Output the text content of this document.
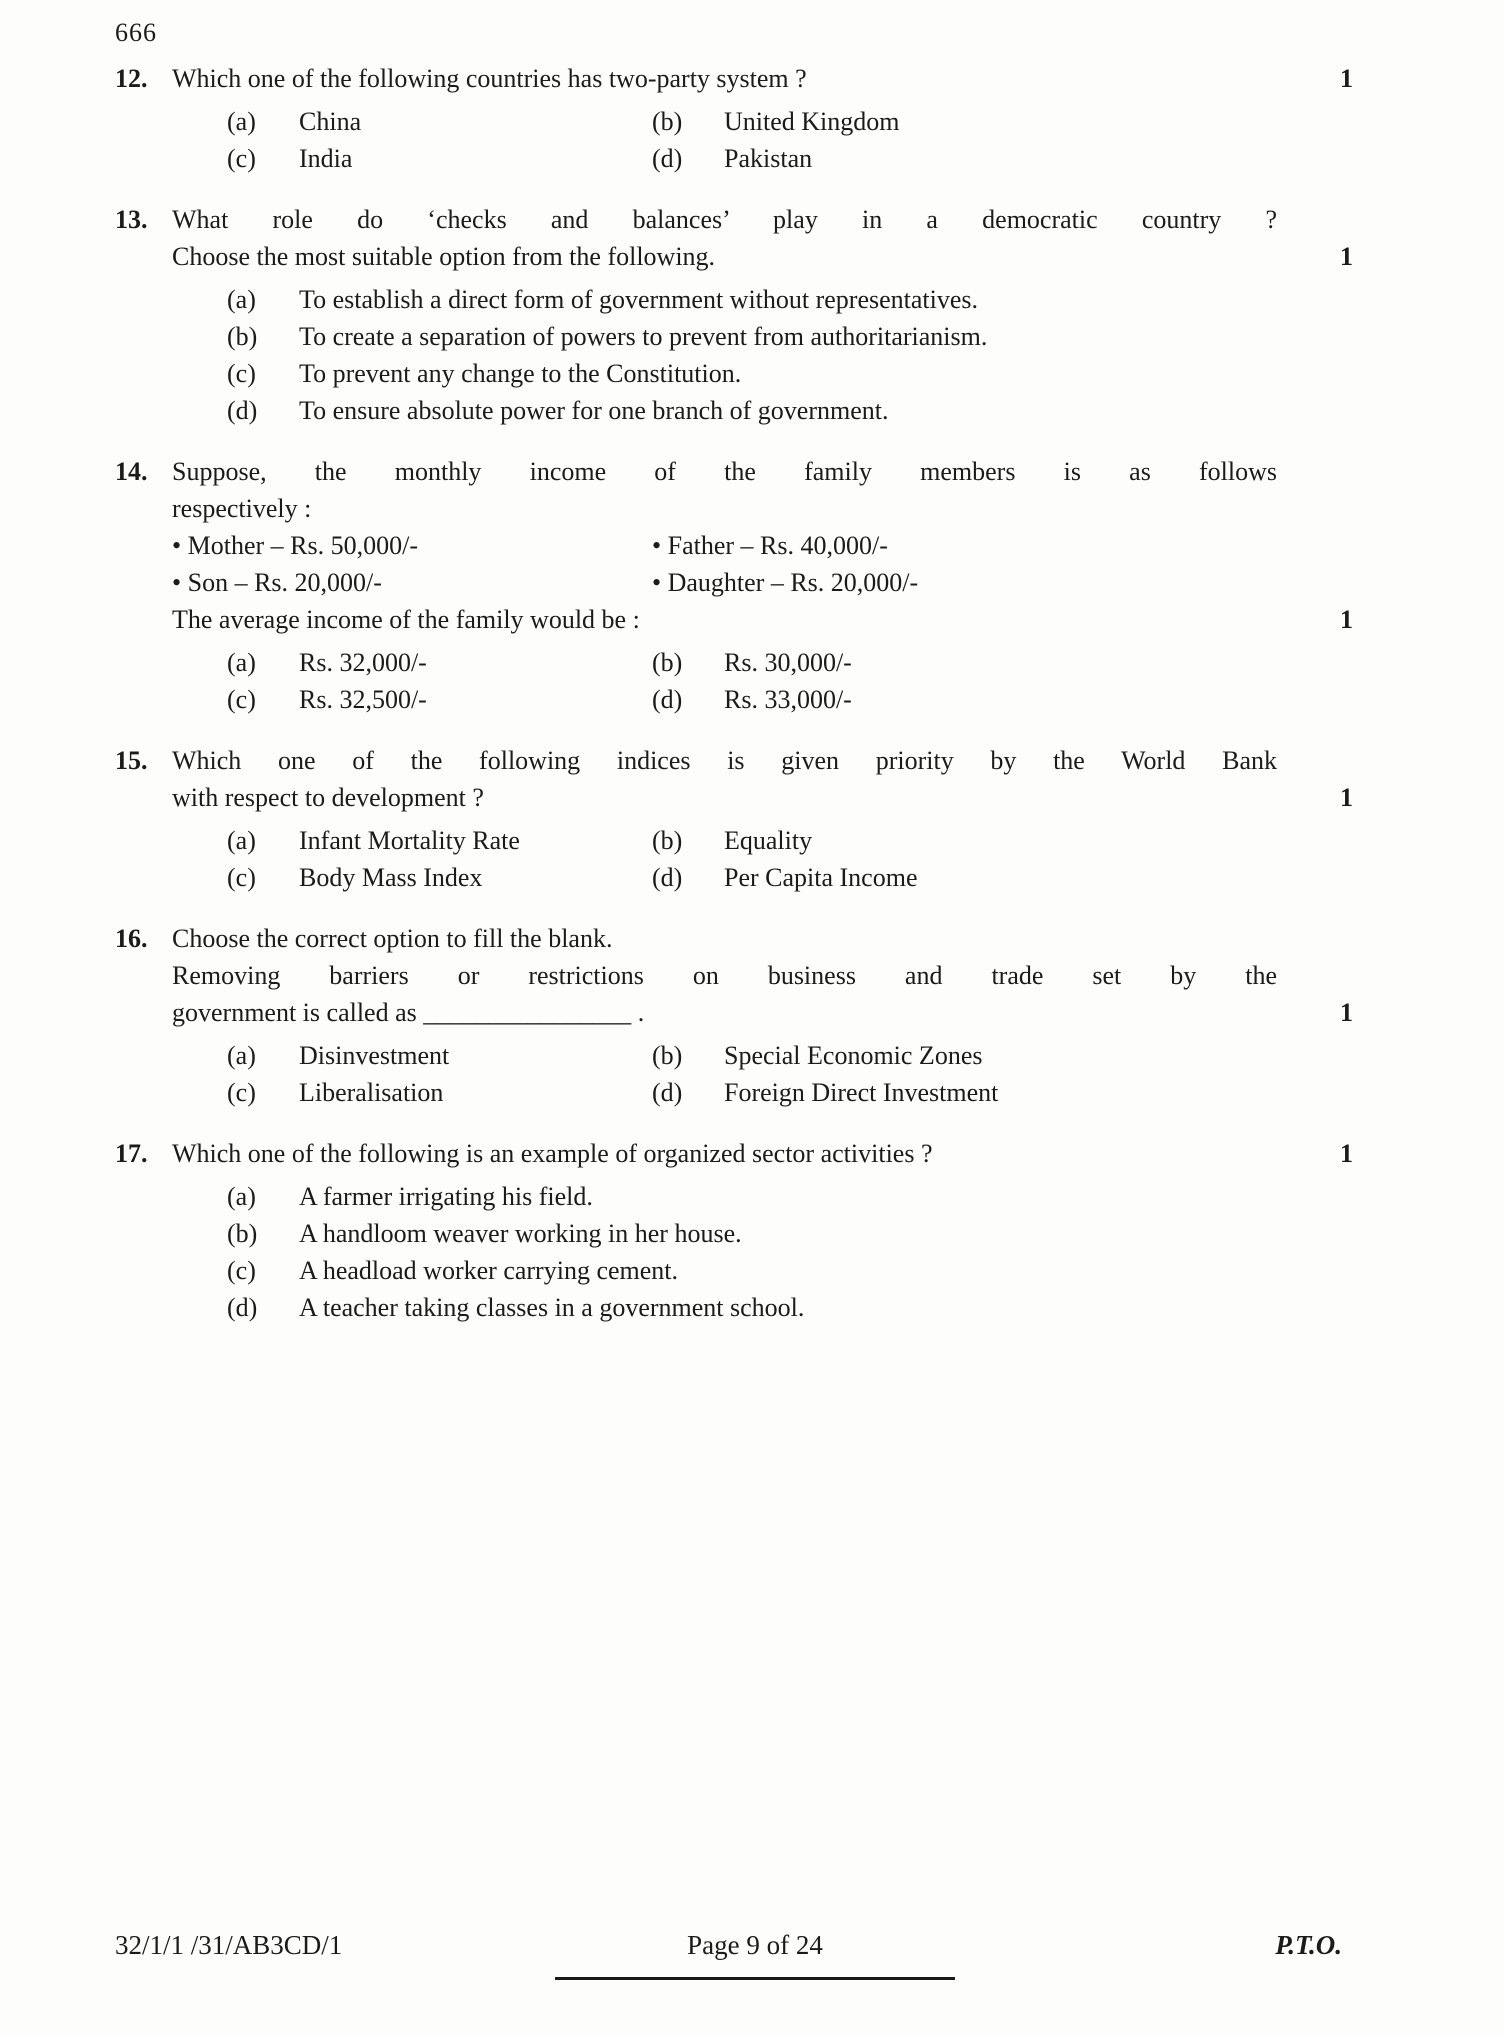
666
12. Which one of the following countries has two-party system ?
(a)	China	(b)	United Kingdom
(c)	India	(d)	Pakistan
1
13. What role do ‘checks and balances’ play in a democratic country ?
Choose the most suitable option from the following.
(a)	To establish a direct form of government without representatives.
(b)	To create a separation of powers to prevent from authoritarianism.
(c)	To prevent any change to the Constitution.
(d)	To ensure absolute power for one branch of government.
1
14. Suppose, the monthly income of the family members is as follows
respectively :
• Mother – Rs. 50,000/-	• Father – Rs. 40,000/-
• Son – Rs. 20,000/-	• Daughter – Rs. 20,000/-
The average income of the family would be :
(a)	Rs. 32,000/-	(b)	Rs. 30,000/-
(c)	Rs. 32,500/-	(d)	Rs. 33,000/-
1
15. Which one of the following indices is given priority by the World Bank
with respect to development ?
(a)	Infant Mortality Rate	(b)	Equality
(c)	Body Mass Index	(d)	Per Capita Income
1
16. Choose the correct option to fill the blank.
Removing barriers or restrictions on business and trade set by the
government is called as ________________ .
(a)	Disinvestment	(b)	Special Economic Zones
(c)	Liberalisation	(d)	Foreign Direct Investment
1
17. Which one of the following is an example of organized sector activities ?
(a)	A farmer irrigating his field.
(b)	A handloom weaver working in her house.
(c)	A headload worker carrying cement.
(d)	A teacher taking classes in a government school.
1
32/1/1 /31/AB3CD/1	Page 9 of 24	P.T.O.
